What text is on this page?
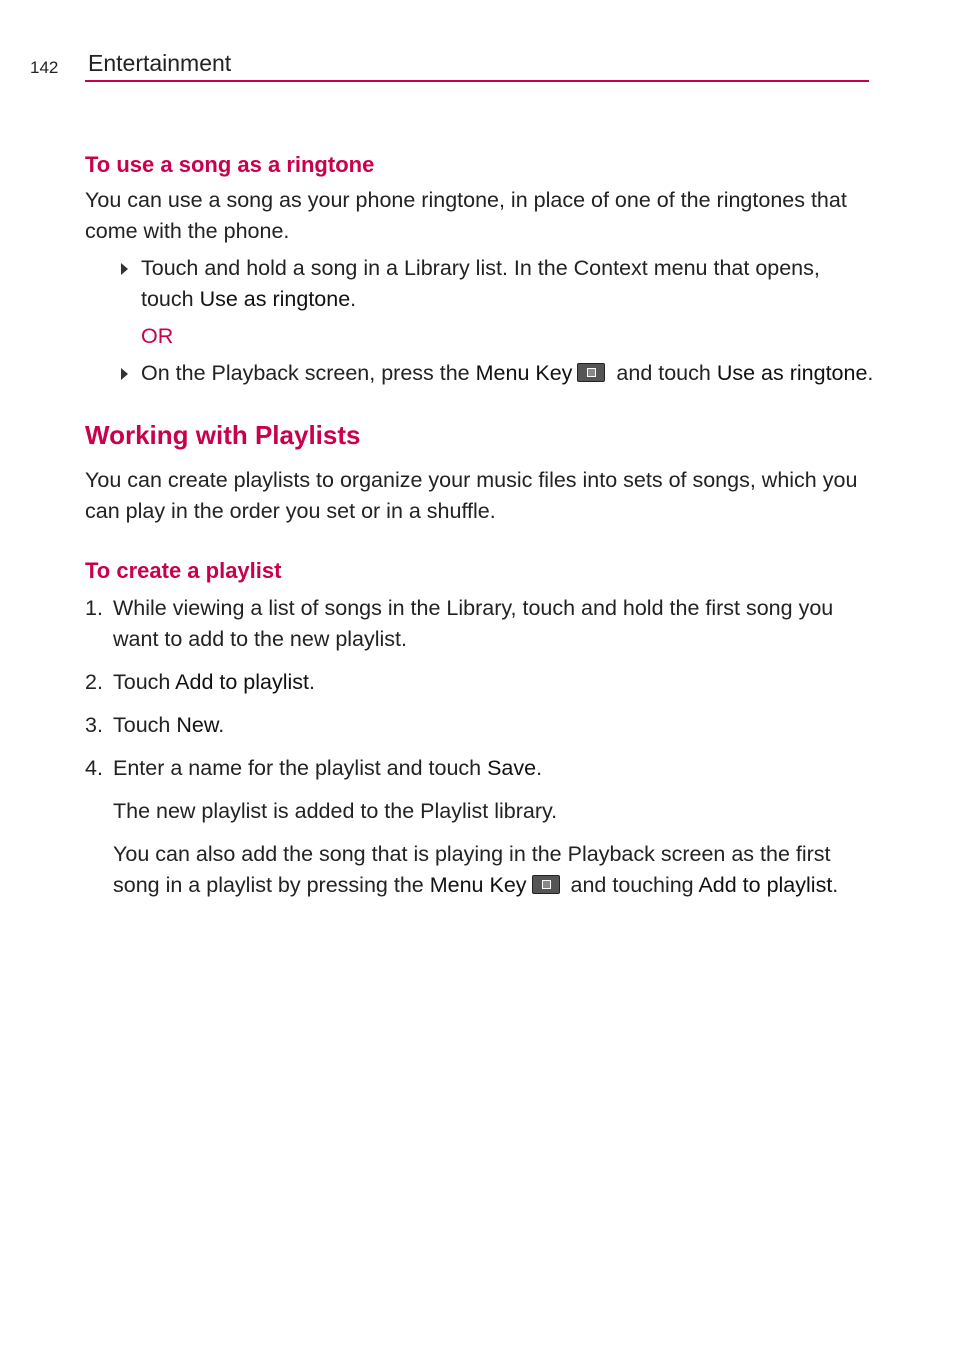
142 Entertainment
To use a song as a ringtone

You can use a song as your phone ringtone, in place of one of the ringtones that come with the phone.

Touch and hold a song in a Library list. In the Context menu that opens, touch Use as ringtone.
OR
On the Playback screen, press the Menu Key and touch Use as ringtone.
Working with Playlists

You can create playlists to organize your music files into sets of songs, which you can play in the order you set or in a shuffle.

To create a playlist
1. While viewing a list of songs in the Library, touch and hold the first song you want to add to the new playlist.
2. Touch Add to playlist.
3. Touch New.
4. Enter a name for the playlist and touch Save.

The new playlist is added to the Playlist library.

You can also add the song that is playing in the Playback screen as the first song in a playlist by pressing the Menu Key and touching Add to playlist.
